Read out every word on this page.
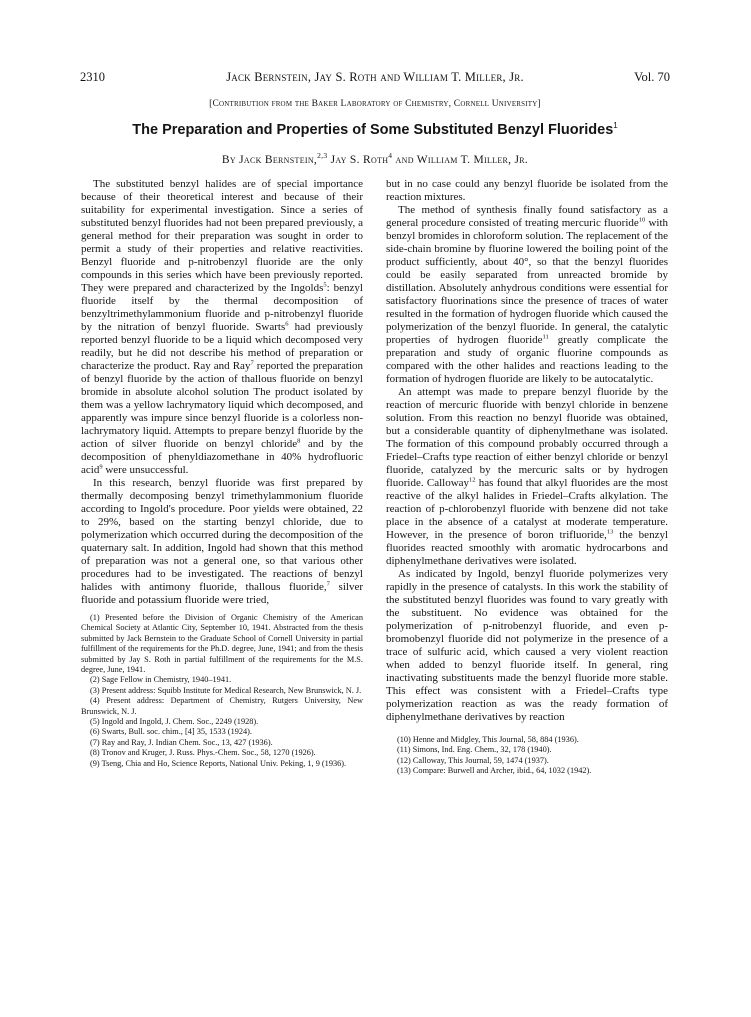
2310	Jack Bernstein, Jay S. Roth and William T. Miller, Jr.	Vol. 70
[Contribution from the Baker Laboratory of Chemistry, Cornell University]
The Preparation and Properties of Some Substituted Benzyl Fluorides$^1$
By Jack Bernstein,$^{2,3}$ Jay S. Roth$^4$ and William T. Miller, Jr.

The substituted benzyl halides are of special importance because of their theoretical interest and because of their suitability for experimental investigation. Since a series of substituted benzyl fluorides had not been prepared previously, a general method for their preparation was sought in order to permit a study of their properties and relative reactivities. Benzyl fluoride and p-nitrobenzyl fluoride are the only compounds in this series which have been previously reported. They were prepared and characterized by the Ingolds$^5$: benzyl fluoride itself by the thermal decomposition of benzyltrimethylammonium fluoride and p-nitrobenzyl fluoride by the nitration of benzyl fluoride. Swarts$^6$ had previously reported benzyl fluoride to be a liquid which decomposed very readily, but he did not describe his method of preparation or characterize the product. Ray and Ray$^7$ reported the preparation of benzyl fluoride by the action of thallous fluoride on benzyl bromide in absolute alcohol solution The product isolated by them was a yellow lachrymatory liquid which decomposed, and apparently was impure since benzyl fluoride is a colorless non-lachrymatory liquid. Attempts to prepare benzyl fluoride by the action of silver fluoride on benzyl chloride$^8$ and by the decomposition of phenyldiazomethane in 40% hydrofluoric acid$^9$ were unsuccessful.

In this research, benzyl fluoride was first prepared by thermally decomposing benzyl trimethylammonium fluoride according to Ingold's procedure. Poor yields were obtained, 22 to 29%, based on the starting benzyl chloride, due to polymerization which occurred during the decomposition of the quaternary salt. In addition, Ingold had shown that this method of preparation was not a general one, so that various other procedures had to be investigated. The reactions of benzyl halides with antimony fluoride, thallous fluoride,$^7$ silver fluoride and potassium fluoride were tried,

(1) Presented before the Division of Organic Chemistry of the American Chemical Society at Atlantic City, September 10, 1941. Abstracted from the thesis submitted by Jack Bernstein to the Graduate School of Cornell University in partial fulfillment of the requirements for the Ph.D. degree, June, 1941; and from the thesis submitted by Jay S. Roth in partial fulfillment of the requirements for the M.S. degree, June, 1941.

(2) Sage Fellow in Chemistry, 1940–1941.

(3) Present address: Squibb Institute for Medical Research, New Brunswick, N. J.

(4) Present address: Department of Chemistry, Rutgers University, New Brunswick, N. J.

(5) Ingold and Ingold, J. Chem. Soc., 2249 (1928).

(6) Swarts, Bull. soc. chim., [4] 35, 1533 (1924).

(7) Ray and Ray, J. Indian Chem. Soc., 13, 427 (1936).

(8) Tronov and Kruger, J. Russ. Phys.-Chem. Soc., 58, 1270 (1926).

(9) Tseng, Chia and Ho, Science Reports, National Univ. Peking, 1, 9 (1936).

but in no case could any benzyl fluoride be isolated from the reaction mixtures.

The method of synthesis finally found satisfactory as a general procedure consisted of treating mercuric fluoride$^{10}$ with benzyl bromides in chloroform solution. The replacement of the side-chain bromine by fluorine lowered the boiling point of the product sufficiently, about 40°, so that the benzyl fluorides could be easily separated from unreacted bromide by distillation. Absolutely anhydrous conditions were essential for satisfactory fluorinations since the presence of traces of water resulted in the formation of hydrogen fluoride which caused the polymerization of the benzyl fluoride. In general, the catalytic properties of hydrogen fluoride$^{11}$ greatly complicate the preparation and study of organic fluorine compounds as compared with the other halides and reactions leading to the formation of hydrogen fluoride are likely to be autocatalytic.

An attempt was made to prepare benzyl fluoride by the reaction of mercuric fluoride with benzyl chloride in benzene solution. From this reaction no benzyl fluoride was obtained, but a considerable quantity of diphenylmethane was isolated. The formation of this compound probably occurred through a Friedel–Crafts type reaction of either benzyl chloride or benzyl fluoride, catalyzed by the mercuric salts or by hydrogen fluoride. Calloway$^{12}$ has found that alkyl fluorides are the most reactive of the alkyl halides in Friedel–Crafts alkylation. The reaction of p-chlorobenzyl fluoride with benzene did not take place in the absence of a catalyst at moderate temperature. However, in the presence of boron trifluoride,$^{13}$ the benzyl fluorides reacted smoothly with aromatic hydrocarbons and diphenylmethane derivatives were isolated.

As indicated by Ingold, benzyl fluoride polymerizes very rapidly in the presence of catalysts. In this work the stability of the substituted benzyl fluorides was found to vary greatly with the substituent. No evidence was obtained for the polymerization of p-nitrobenzyl fluoride, and even p-bromobenzyl fluoride did not polymerize in the presence of a trace of sulfuric acid, which caused a very violent reaction when added to benzyl fluoride itself. In general, ring inactivating substituents made the benzyl fluoride more stable. This effect was consistent with a Friedel–Crafts type polymerization reaction as was the ready formation of diphenylmethane derivatives by reaction

(10) Henne and Midgley, This Journal, 58, 884 (1936).

(11) Simons, Ind. Eng. Chem., 32, 178 (1940).

(12) Calloway, This Journal, 59, 1474 (1937).

(13) Compare: Burwell and Archer, ibid., 64, 1032 (1942).
